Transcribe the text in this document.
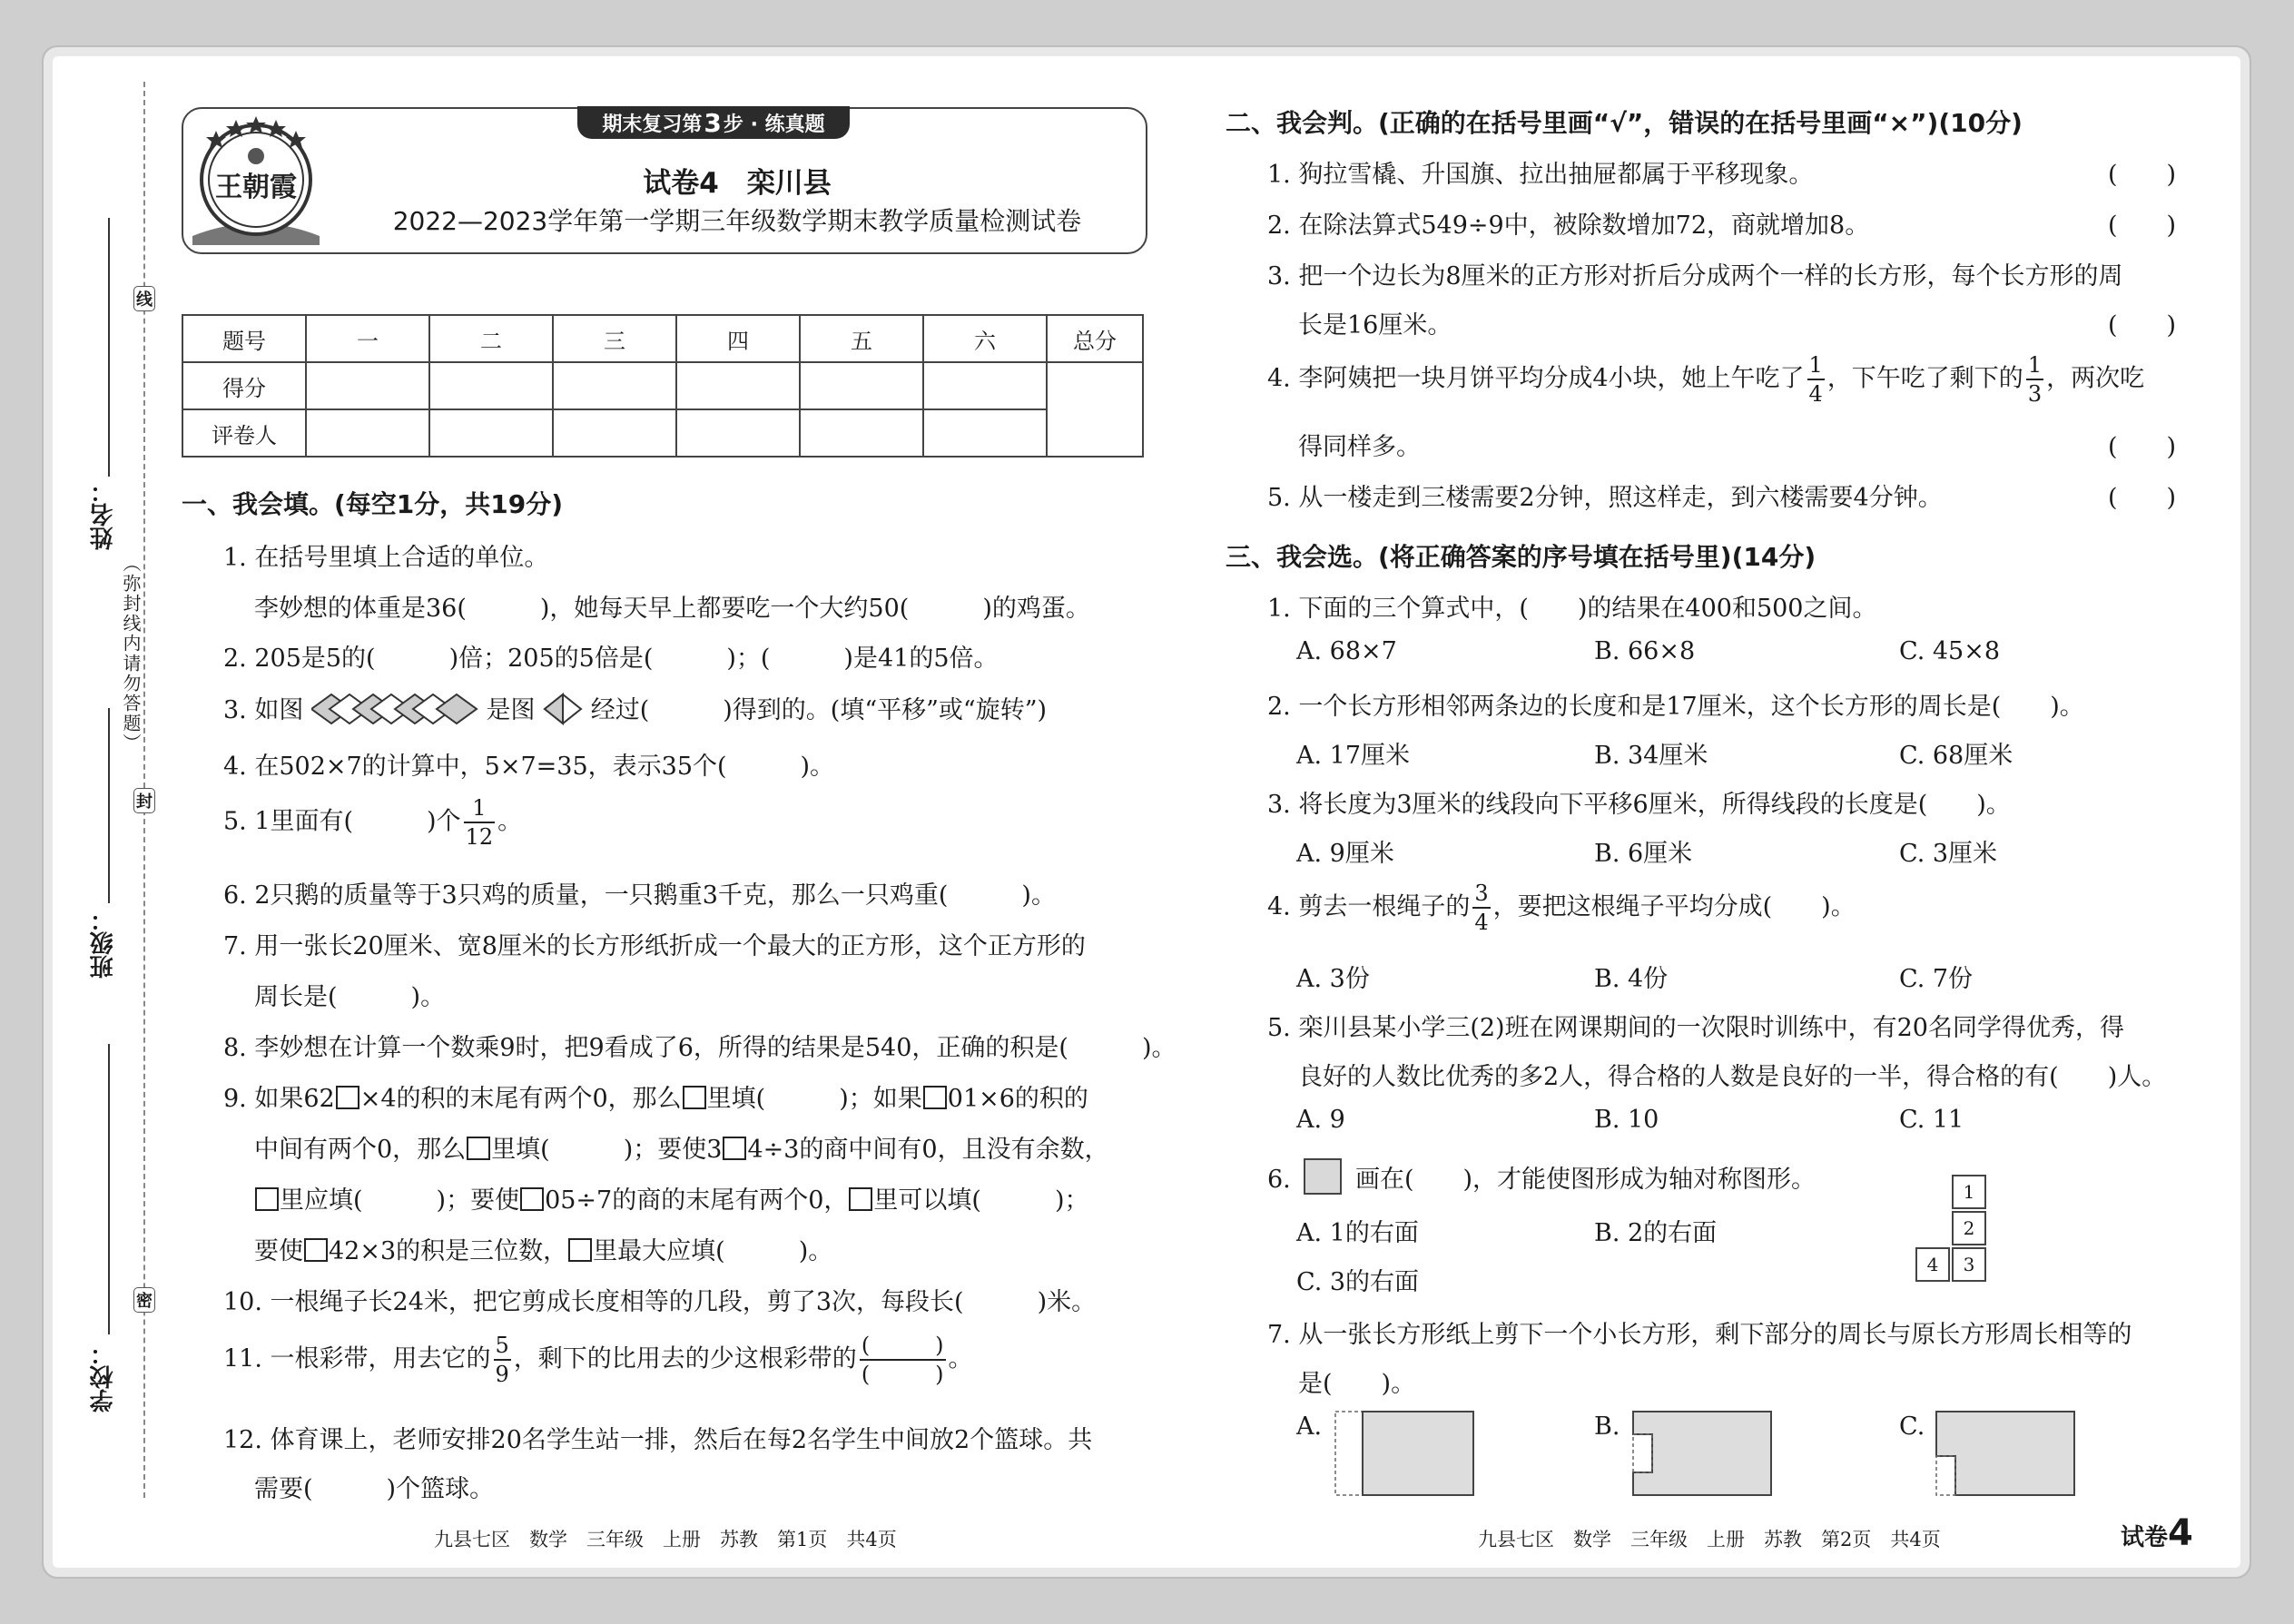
线
封
密
姓名：
（弥封线内请勿答题）
班级：
学校：
王朝霞
期末复习第 3 步 · 练真题
试卷4　栾川县
2022—2023学年第一学期三年级数学期末教学质量检测试卷
题号	一	二	三	四	五	六	总分
得分							
评卷人							
一、我会填。(每空1分，共19分)
1. 在括号里填上合适的单位。
李妙想的体重是36(　　　)，她每天早上都要吃一个大约50(　　　)的鸡蛋。
2. 205是5的(　　　)倍；205的5倍是(　　　)；(　　　)是41的5倍。
3. 如图	是图 经过(　　　)得到的。(填“平移”或“旋转”)
4. 在502×7的计算中，5×7=35，表示35个(　　　)。
5. 1里面有(　　　)个 $\frac{1}{12}$ 。
6. 2只鹅的质量等于3只鸡的质量，一只鹅重3千克，那么一只鸡重(　　　)。
7. 用一张长20厘米、宽8厘米的长方形纸折成一个最大的正方形，这个正方形的
周长是(　　　)。
8. 李妙想在计算一个数乘9时，把9看成了6，所得的结果是540，正确的积是(　　　)。
9. 如果62 ×4的积的末尾有两个0，那么 里填(　　　)；如果 01×6的积的
中间有两个0，那么 里填(　　　)；要使3 4÷3的商中间有0，且没有余数，
里应填(　　　)；要使 05÷7的商的末尾有两个0， 里可以填(　　　)；
要使 42×3的积是三位数， 里最大应填(　　　)。
10. 一根绳子长24米，把它剪成长度相等的几段，剪了3次，每段长(　　　)米。
11. 一根彩带，用去它的 $\frac{5}{9}$ ，剩下的比用去的少这根彩带的 $\frac{( )}{( )}$ 。
12. 体育课上，老师安排20名学生站一排，然后在每2名学生中间放2个篮球。共
需要(　　　)个篮球。
二、我会判。(正确的在括号里画“√”，错误的在括号里画“×”)(10分)
1. 狗拉雪橇、升国旗、拉出抽屉都属于平移现象。	(　　)
2. 在除法算式549÷9中，被除数增加72，商就增加8。	(　　)
3. 把一个边长为8厘米的正方形对折后分成两个一样的长方形，每个长方形的周
长是16厘米。	(　　)
4. 李阿姨把一块月饼平均分成4小块，她上午吃了 $\frac{1}{4}$ ，下午吃了剩下的 $\frac{1}{3}$ ，两次吃
得同样多。	(　　)
5. 从一楼走到三楼需要2分钟，照这样走，到六楼需要4分钟。	(　　)
三、我会选。(将正确答案的序号填在括号里)(14分)
1. 下面的三个算式中，(　　)的结果在400和500之间。
A. 68×7	B. 66×8	C. 45×8
2. 一个长方形相邻两条边的长度和是17厘米，这个长方形的周长是(　　)。
A. 17厘米	B. 34厘米	C. 68厘米
3. 将长度为3厘米的线段向下平移6厘米，所得线段的长度是(　　)。
A. 9厘米	B. 6厘米	C. 3厘米
4. 剪去一根绳子的 $\frac{3}{4}$ ，要把这根绳子平均分成(　　)。
A. 3份	B. 4份	C. 7份
5. 栾川县某小学三(2)班在网课期间的一次限时训练中，有20名同学得优秀，得
良好的人数比优秀的多2人，得合格的人数是良好的一半，得合格的有(　　)人。
A. 9	B. 10	C. 11
6.	画在(　　)，才能使图形成为轴对称图形。
A. 1的右面	B. 2的右面
C. 3的右面
1
2
4	3
7. 从一张长方形纸上剪下一个小长方形，剩下部分的周长与原长方形周长相等的
是(　　)。
A.	B.	C.
九县七区　数学　三年级　上册　苏教　第1页　共4页	九县七区　数学　三年级　上册　苏教　第2页　共4页	试卷4
